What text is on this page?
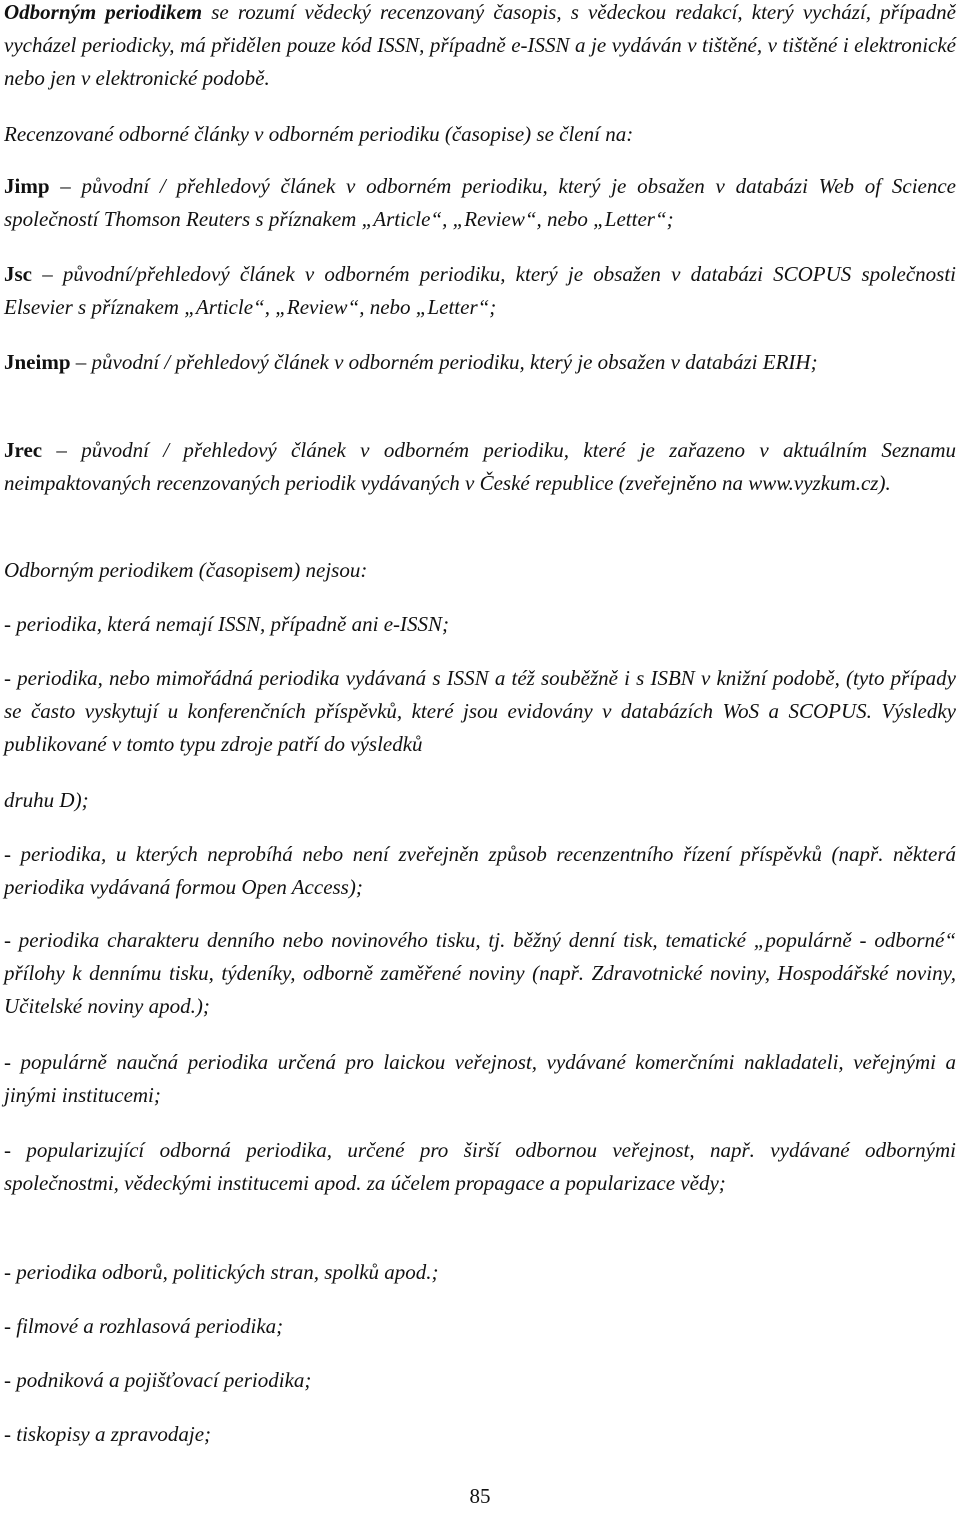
Odborným periodikem se rozumí vědecký recenzovaný časopis, s vědeckou redakcí, který vychází, případně vycházel periodicky, má přidělen pouze kód ISSN, případně e-ISSN a je vydáván v tištěné, v tištěné i elektronické nebo jen v elektronické podobě.

Recenzované odborné články v odborném periodiku (časopise) se člení na:

Jimp – původní / přehledový článek v odborném periodiku, který je obsažen v databázi Web of Science společností Thomson Reuters s příznakem „Article“, „Review“, nebo „Letter“;

Jsc – původní/přehledový článek v odborném periodiku, který je obsažen v databázi SCOPUS společnosti Elsevier s příznakem „Article“, „Review“, nebo „Letter“;

Jneimp – původní / přehledový článek v odborném periodiku, který je obsažen v databázi ERIH;

Jrec – původní / přehledový článek v odborném periodiku, které je zařazeno v aktuálním Seznamu neimpaktovaných recenzovaných periodik vydávaných v České republice (zveřejněno na www.vyzkum.cz).

Odborným periodikem (časopisem) nejsou:

- periodika, která nemají ISSN, případně ani e-ISSN;

- periodika, nebo mimořádná periodika vydávaná s ISSN a též souběžně i s ISBN v knižní podobě, (tyto případy se často vyskytují u konferenčních příspěvků, které jsou evidovány v databázích WoS a SCOPUS. Výsledky publikované v tomto typu zdroje patří do výsledků

druhu D);

- periodika, u kterých neprobíhá nebo není zveřejněn způsob recenzentního řízení příspěvků (např. některá periodika vydávaná formou Open Access);

- periodika charakteru denního nebo novinového tisku, tj. běžný denní tisk, tematické „populárně - odborné“ přílohy k dennímu tisku, týdeníky, odborně zaměřené noviny (např. Zdravotnické noviny, Hospodářské noviny, Učitelské noviny apod.);

- populárně naučná periodika určená pro laickou veřejnost, vydávané komerčními nakladateli, veřejnými a jinými institucemi;

- popularizující odborná periodika, určené pro širší odbornou veřejnost, např. vydávané odbornými společnostmi, vědeckými institucemi apod. za účelem propagace a popularizace vědy;

- periodika odborů, politických stran, spolků apod.;

- filmové a rozhlasová periodika;

- podniková a pojišťovací periodika;

- tiskopisy a zpravodaje;

85
